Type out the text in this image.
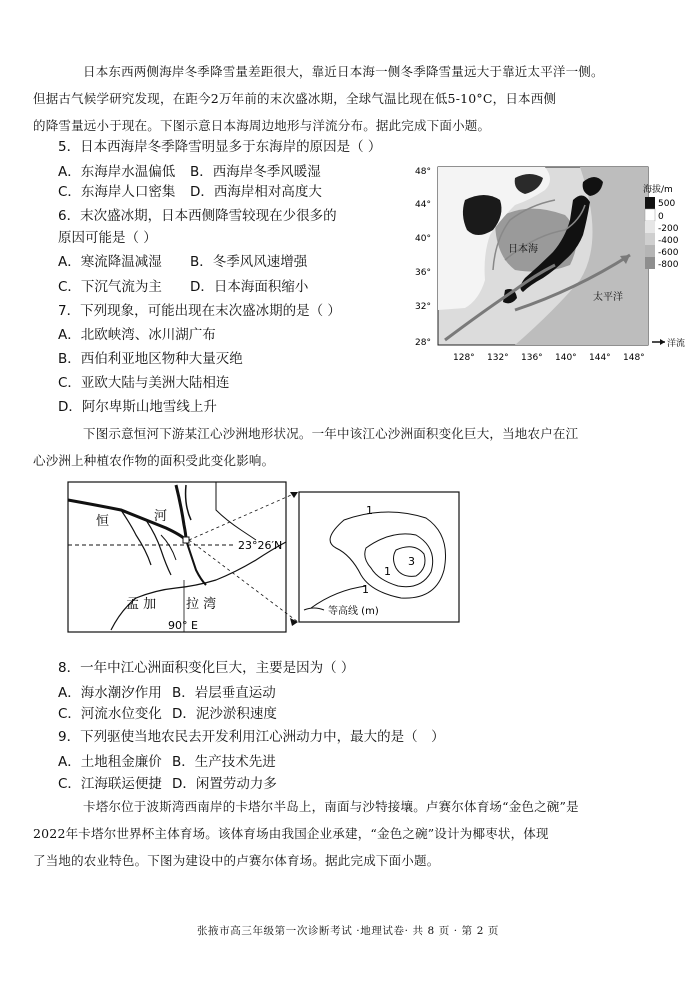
日本东西两侧海岸冬季降雪量差距很大，靠近日本海一侧冬季降雪量远大于靠近太平洋一侧。
但据古气候学研究发现，在距今2万年前的末次盛冰期，全球气温比现在低5-10°C，日本西侧
的降雪量远小于现在。下图示意日本海周边地形与洋流分布。据此完成下面小题。
5．日本西海岸冬季降雪明显多于东海岸的原因是（ ）
A．东海岸水温偏低 B．西海岸冬季风暖湿
C．东海岸人口密集 D．西海岸相对高度大
6．末次盛冰期，日本西侧降雪较现在少很多的
原因可能是（ ）
A．寒流降温减湿 B．冬季风风速增强
C．下沉气流为主 D．日本海面积缩小
7．下列现象，可能出现在末次盛冰期的是（ ）
A．北欧峡湾、冰川湖广布
B．西伯利亚地区物种大量灭绝
C．亚欧大陆与美洲大陆相连
D．阿尔卑斯山地雪线上升
日本海
太平洋
48°
44°
40°
36°
32°
28°
128° 132° 136° 140° 144° 148°
海拔/m
500
0
-200
-400
-600
-800
洋流
下图示意恒河下游某江心沙洲地形状况。一年中该江心沙洲面积变化巨大，当地农户在江
心沙洲上种植农作物的面积受此变化影响。
恒	河
23°26′N
孟 加 拉 湾
90° E
1
1
1
3
等高线 (m)
8．一年中江心洲面积变化巨大，主要是因为（ ）
A．海水潮汐作用 B．岩层垂直运动
C．河流水位变化 D．泥沙淤积速度
9．下列驱使当地农民去开发利用江心洲动力中，最大的是（　）
A．土地租金廉价 B．生产技术先进
C．江海联运便捷 D．闲置劳动力多
卡塔尔位于波斯湾西南岸的卡塔尔半岛上，南面与沙特接壤。卢赛尔体育场“金色之碗”是
2022年卡塔尔世界杯主体育场。该体育场由我国企业承建，“金色之碗”设计为椰枣状，体现
了当地的农业特色。下图为建设中的卢赛尔体育场。据此完成下面小题。
张掖市高三年级第一次诊断考试 ·地理试卷· 共 8 页 · 第 2 页
